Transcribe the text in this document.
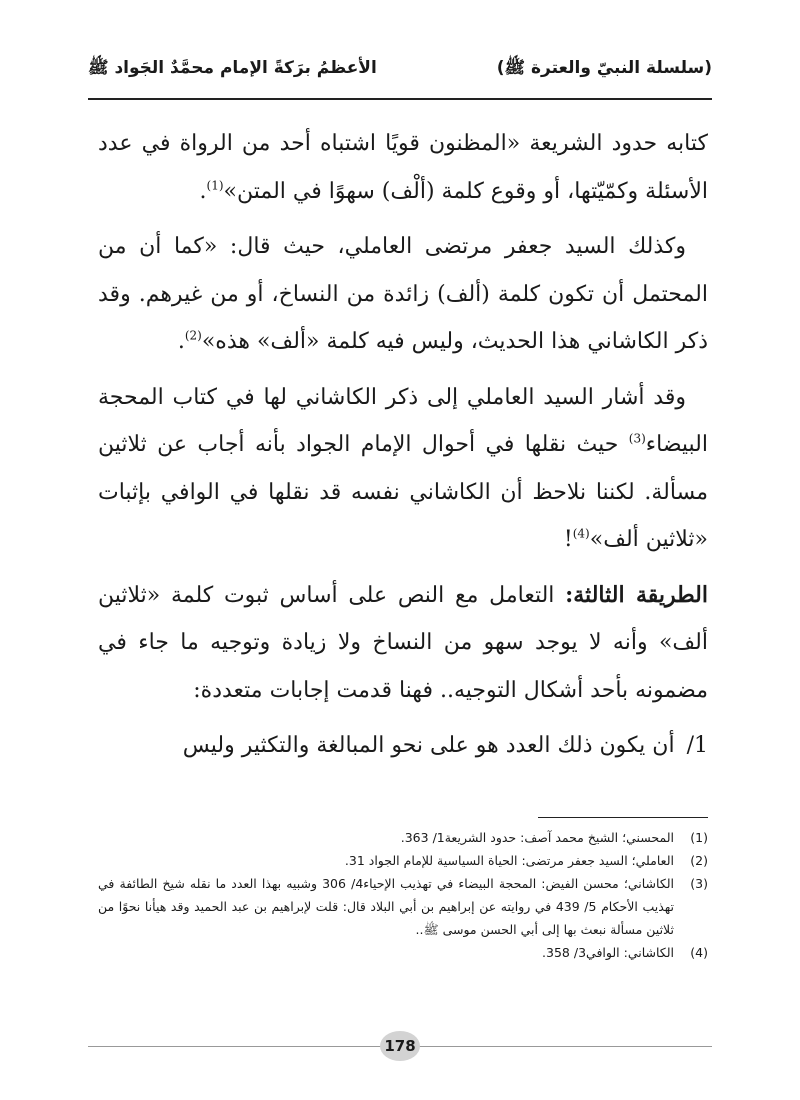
(سلسلة النبيّ والعترة ﷺ)
الأعظمُ برَكةً الإمام محمَّدٌ الجَواد ﷺ

كتابه حدود الشريعة «المظنون قويًا اشتباه أحد من الرواة في عدد الأسئلة وكمّيّتها، أو وقوع كلمة (ألْف) سهوًا في المتن»$^{(1)}$.

وكذلك السيد جعفر مرتضى العاملي، حيث قال: «كما أن من المحتمل أن تكون كلمة (ألف) زائدة من النساخ، أو من غيرهم. وقد ذكر الكاشاني هذا الحديث، وليس فيه كلمة «ألف» هذه»$^{(2)}$.

وقد أشار السيد العاملي إلى ذكر الكاشاني لها في كتاب المحجة البيضاء$^{(3)}$ حيث نقلها في أحوال الإمام الجواد بأنه أجاب عن ثلاثين مسألة. لكننا نلاحظ أن الكاشاني نفسه قد نقلها في الوافي بإثبات «ثلاثين ألف»$^{(4)}$!

الطريقة الثالثة: التعامل مع النص على أساس ثبوت كلمة «ثلاثين ألف» وأنه لا يوجد سهو من النساخ ولا زيادة وتوجيه ما جاء في مضمونه بأحد أشكال التوجيه.. فهنا قدمت إجابات متعددة:

1/أن يكون ذلك العدد هو على نحو المبالغة والتكثير وليس

(1)
المحسني؛ الشيخ محمد آصف: حدود الشريعة1/ 363.
(2)
العاملي؛ السيد جعفر مرتضى: الحياة السياسية للإمام الجواد 31.
(3)
الكاشاني؛ محسن الفيض: المحجة البيضاء في تهذيب الإحياء4/ 306 وشبيه بهذا العدد ما نقله شيخ الطائفة في تهذيب الأحكام 5/ 439 في روايته عن إبراهيم بن أبي البلاد قال: قلت لإبراهيم بن عبد الحميد وقد هيأنا نحوًا من ثلاثين مسألة نبعث بها إلى أبي الحسن موسى ﷺ..
(4)
الكاشاني: الوافي3/ 358.
178
